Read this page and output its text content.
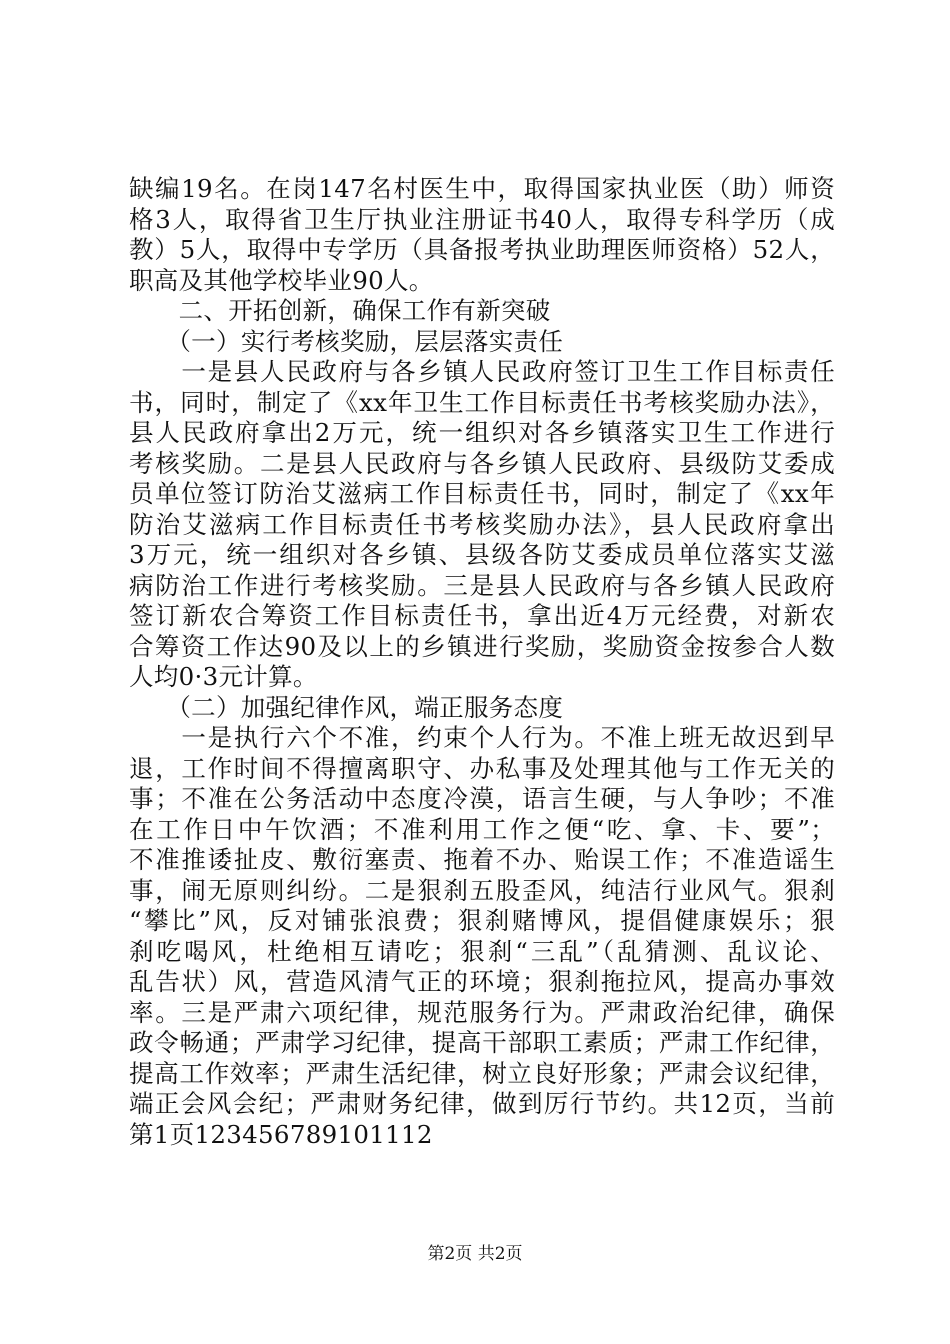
缺编19名。在岗147名村医生中，取得国家执业医（助）师资
格3人，取得省卫生厅执业注册证书40人，取得专科学历（成
教）5人，取得中专学历（具备报考执业助理医师资格）52人，
职高及其他学校毕业90人。
　　二、开拓创新，确保工作有新突破
　　（一）实行考核奖励，层层落实责任
　　一是县人民政府与各乡镇人民政府签订卫生工作目标责任
书，同时，制定了《xx年卫生工作目标责任书考核奖励办法》，
县人民政府拿出2万元，统一组织对各乡镇落实卫生工作进行
考核奖励。二是县人民政府与各乡镇人民政府、县级防艾委成
员单位签订防治艾滋病工作目标责任书，同时，制定了《xx年
防治艾滋病工作目标责任书考核奖励办法》，县人民政府拿出
3万元，统一组织对各乡镇、县级各防艾委成员单位落实艾滋
病防治工作进行考核奖励。三是县人民政府与各乡镇人民政府
签订新农合筹资工作目标责任书，拿出近4万元经费，对新农
合筹资工作达90及以上的乡镇进行奖励，奖励资金按参合人数
人均0·3元计算。
　　（二）加强纪律作风，端正服务态度
　　一是执行六个不准，约束个人行为。不准上班无故迟到早
退，工作时间不得擅离职守、办私事及处理其他与工作无关的
事；不准在公务活动中态度冷漠，语言生硬，与人争吵；不准
在工作日中午饮酒；不准利用工作之便“吃、拿、卡、要”；
不准推诿扯皮、敷衍塞责、拖着不办、贻误工作；不准造谣生
事，闹无原则纠纷。二是狠刹五股歪风，纯洁行业风气。狠刹
“攀比”风，反对铺张浪费；狠刹赌博风，提倡健康娱乐；狠
刹吃喝风，杜绝相互请吃；狠刹“三乱”（乱猜测、乱议论、
乱告状）风，营造风清气正的环境；狠刹拖拉风，提高办事效
率。三是严肃六项纪律，规范服务行为。严肃政治纪律，确保
政令畅通；严肃学习纪律，提高干部职工素质；严肃工作纪律，
提高工作效率；严肃生活纪律，树立良好形象；严肃会议纪律，
端正会风会纪；严肃财务纪律，做到厉行节约。共12页，当前
第1页123456789101112
第2页 共2页
